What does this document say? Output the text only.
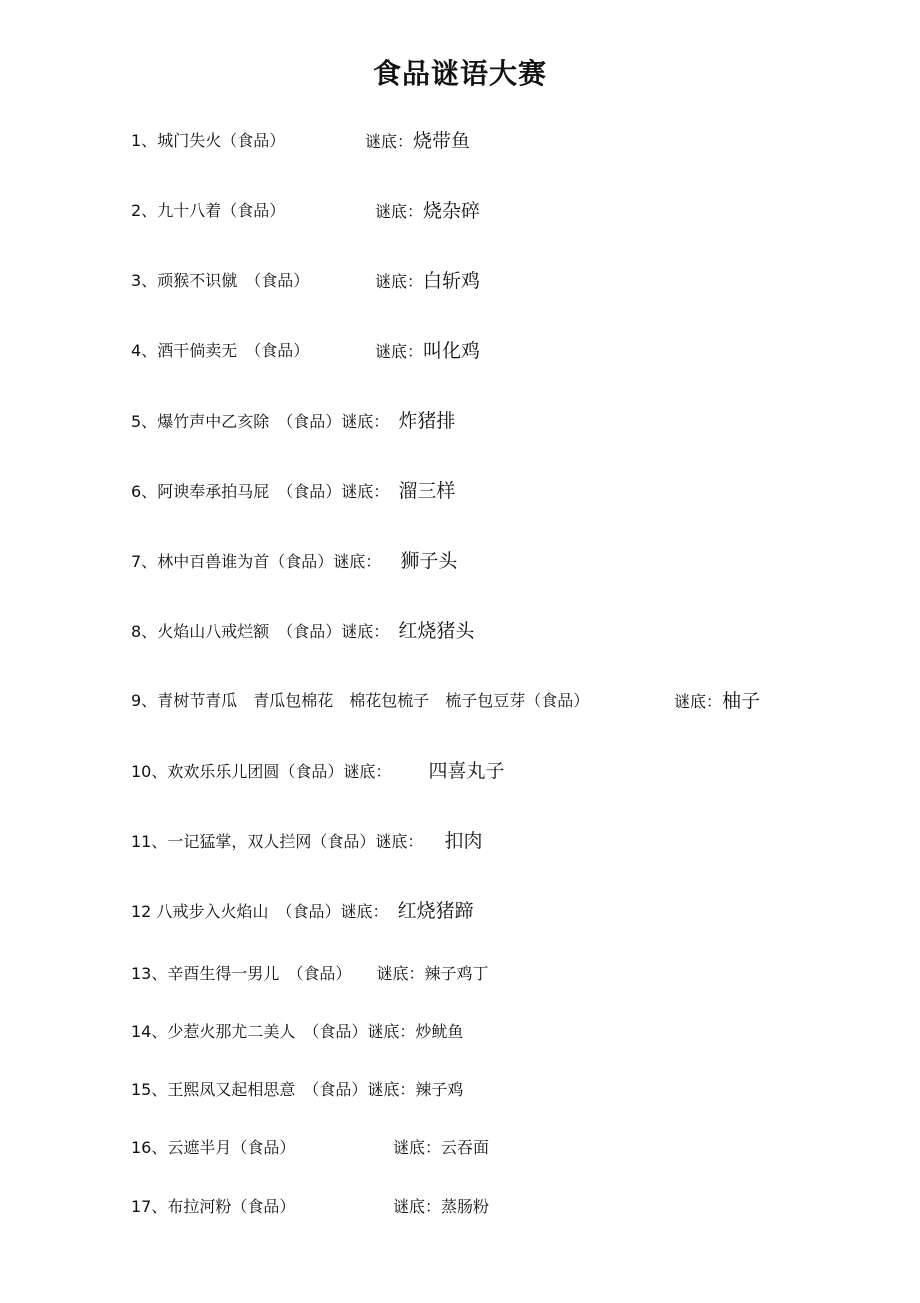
食品谜语大赛
1、城门失火（食品）	谜底：烧带鱼
2、九十八着（食品）	谜底：烧杂碎
3、顽猴不识僦　（食品）	谜底：白斩鸡
4、酒干倘卖无　（食品）	谜底：叫化鸡
5、爆竹声中乙亥除　（食品）谜底： 炸猪排
6、阿谀奉承拍马屁　（食品）谜底： 溜三样
7、林中百兽谁为首（食品）谜底： 狮子头
8、火焰山八戒烂额　（食品）谜底： 红烧猪头
9、青树节青瓜　青瓜包棉花　棉花包梳子　梳子包豆芽（食品）	谜底：柚子
10、欢欢乐乐儿团圆（食品）谜底： 四喜丸子
11、一记猛掌，双人拦网（食品）谜底： 扣肉
12 八戒步入火焰山　（食品）谜底： 红烧猪蹄
13、辛酉生得一男儿　（食品） 谜底：辣子鸡丁
14、少惹火那尤二美人　（食品）谜底：炒鱿鱼
15、王熙凤又起相思意　（食品）谜底：辣子鸡
16、云遮半月（食品）	谜底：云吞面
17、布拉河粉（食品）	谜底：蒸肠粉
